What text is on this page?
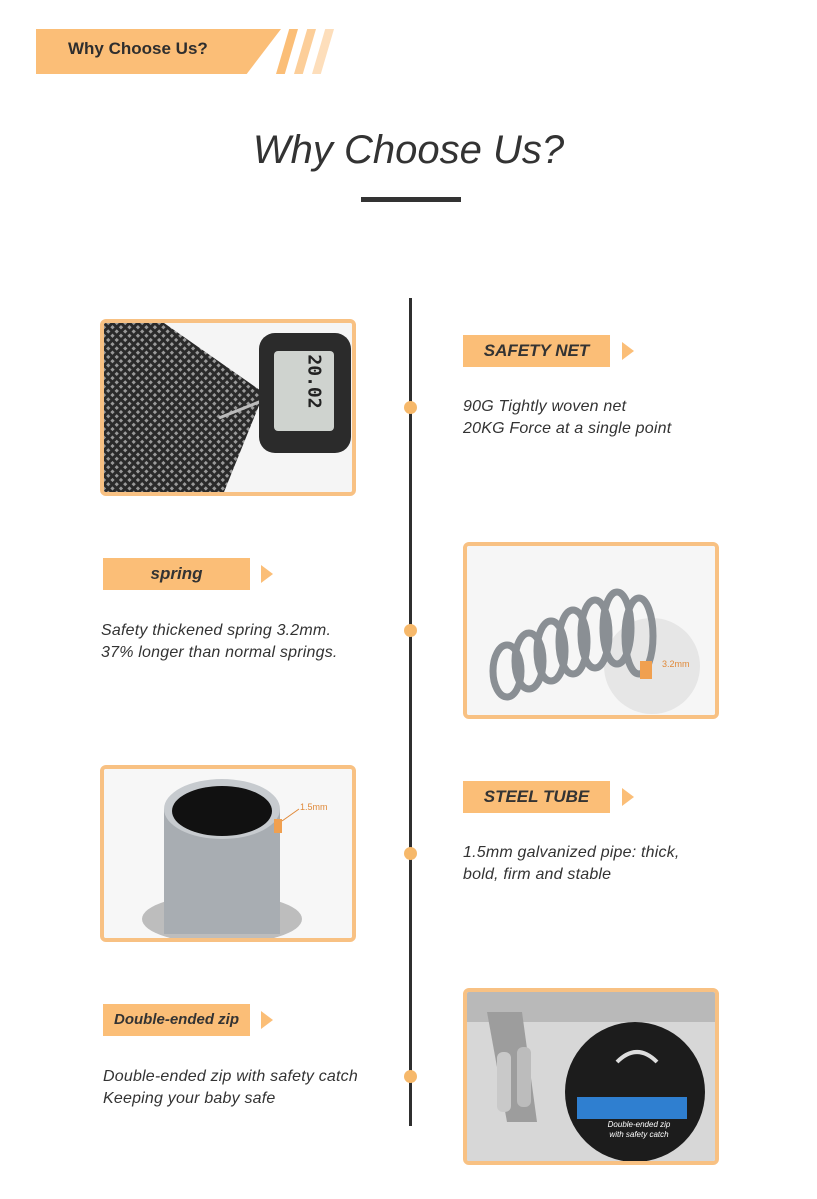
Why Choose Us?
Why Choose Us?
20.02
SAFETY NET
90G Tightly woven net
20KG Force at a single point
spring
Safety thickened spring 3.2mm.
37% longer than normal springs.
3.2mm
1.5mm
STEEL TUBE
1.5mm galvanized pipe: thick,
bold, firm and stable
Double-ended zip
Double-ended zip with safety catch
Keeping your baby safe
Double-ended zip
with safety catch
